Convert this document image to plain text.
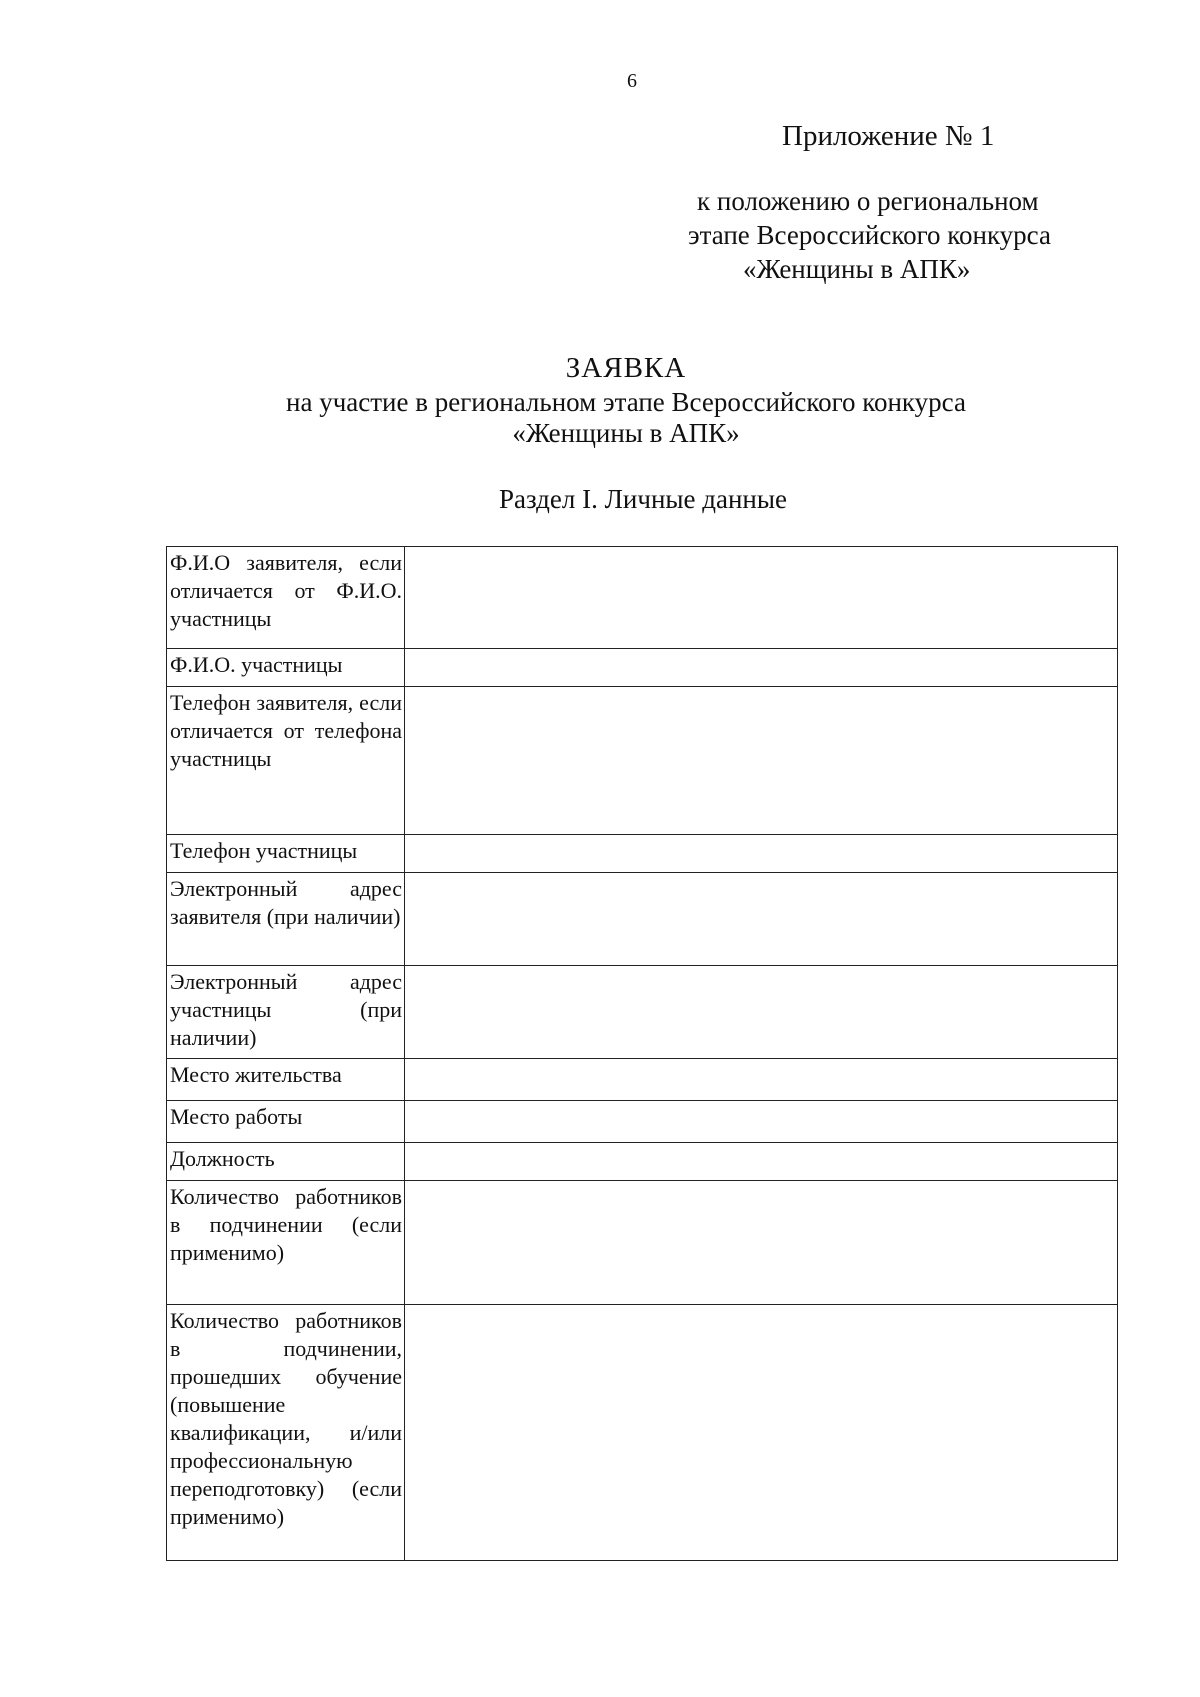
6
Приложение № 1
к положению о региональном
этапе Всероссийского конкурса
«Женщины в АПК»
ЗАЯВКА
на участие в региональном этапе Всероссийского конкурса
«Женщины в АПК»
Раздел I. Личные данные
Ф.И.О заявителя, если отличается от Ф.И.О. участницы	

Ф.И.О. участницы	

Телефон заявителя, если отличается от телефона участницы	

Телефон участницы	

Электронный адрес заявителя (при наличии)	

Электронный адрес участницы (при наличии)	

Место жительства	

Место работы	

Должность	

Количество работников в подчинении (если применимо)	

Количество работников в подчинении, прошедших обучение (повышение квалификации, и/или профессиональную переподготовку) (если применимо)	
